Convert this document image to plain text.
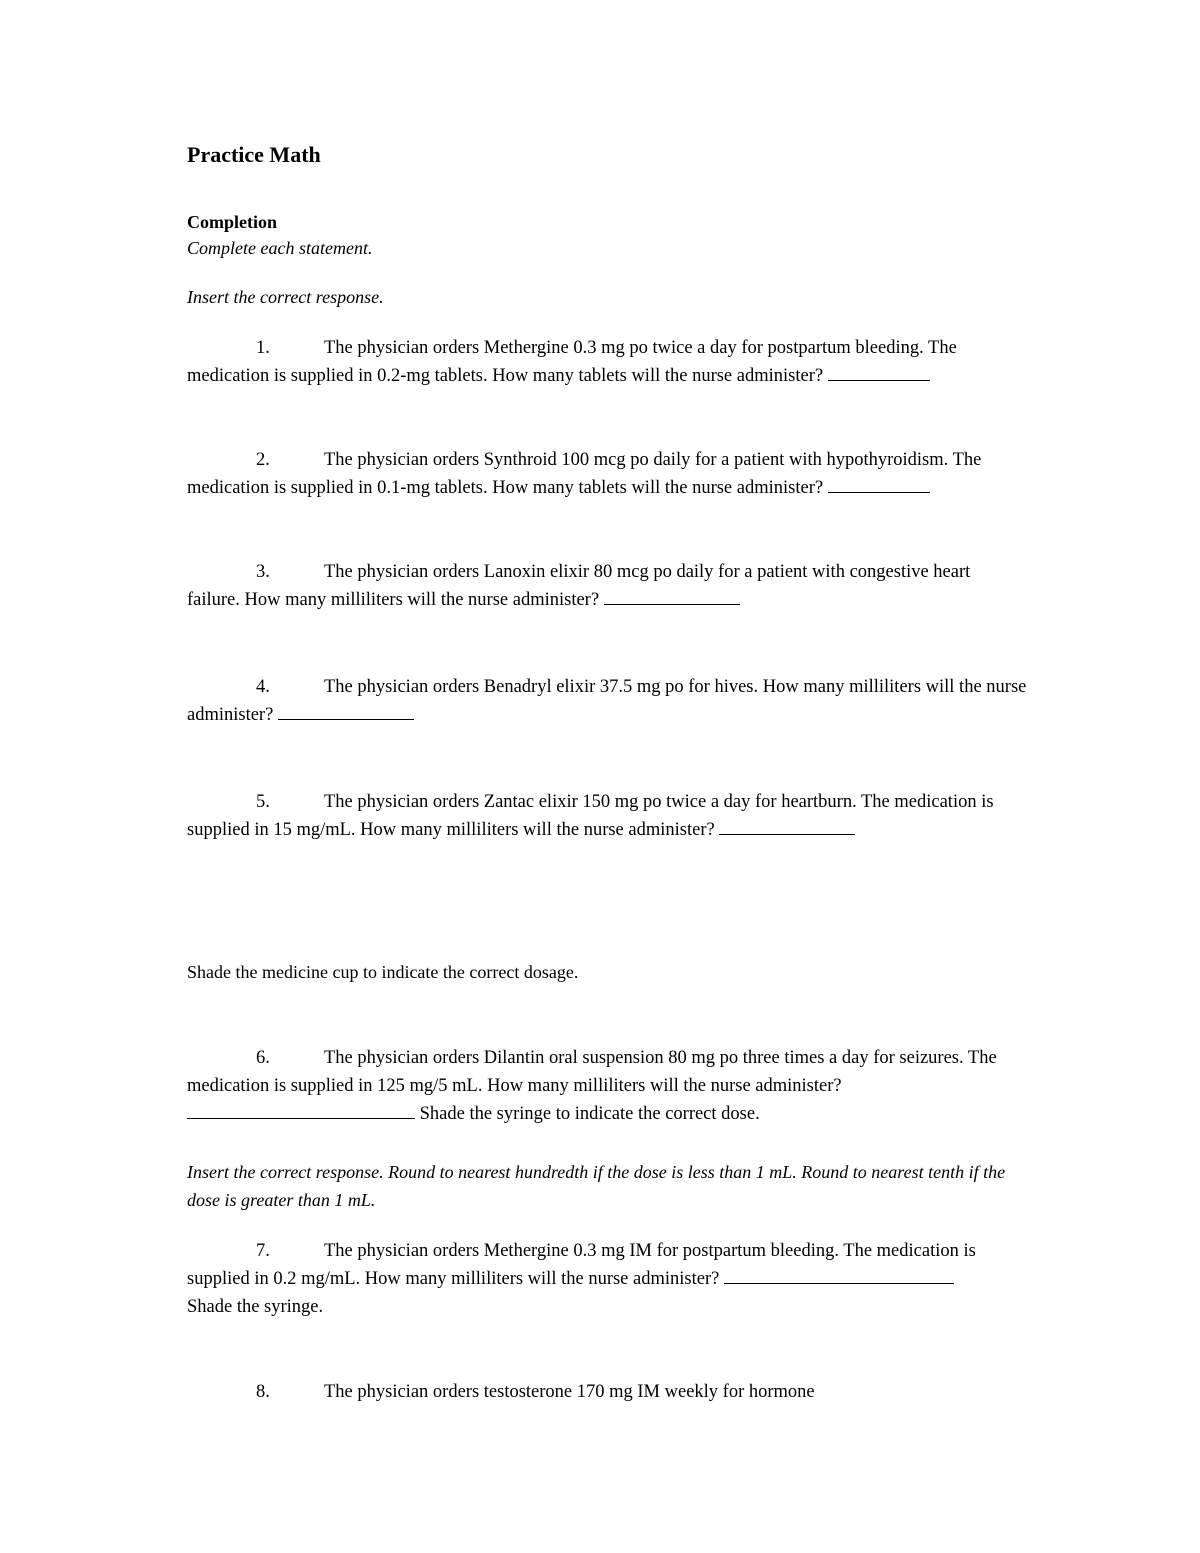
Practice Math
Completion

Complete each statement.

Insert the correct response.

1.	The physician orders Methergine 0.3 mg po twice a day for postpartum bleeding. The medication is supplied in 0.2-mg tablets. How many tablets will the nurse administer?

2.	The physician orders Synthroid 100 mcg po daily for a patient with hypothyroidism. The medication is supplied in 0.1-mg tablets. How many tablets will the nurse administer?

3.	The physician orders Lanoxin elixir 80 mcg po daily for a patient with congestive heart failure. How many milliliters will the nurse administer?

4.	The physician orders Benadryl elixir 37.5 mg po for hives. How many milliliters will the nurse administer?

5.	The physician orders Zantac elixir 150 mg po twice a day for heartburn. The medication is supplied in 15 mg/mL. How many milliliters will the nurse administer?

Shade the medicine cup to indicate the correct dosage.

6.	The physician orders Dilantin oral suspension 80 mg po three times a day for seizures. The medication is supplied in 125 mg/5 mL. How many milliliters will the nurse administer?  Shade the syringe to indicate the correct dose.

Insert the correct response. Round to nearest hundredth if the dose is less than 1 mL. Round to nearest tenth if the dose is greater than 1 mL.

7.	The physician orders Methergine 0.3 mg IM for postpartum bleeding. The medication is supplied in 0.2 mg/mL. How many milliliters will the nurse administer?
Shade the syringe.

8.	The physician orders testosterone 170 mg IM weekly for hormone
